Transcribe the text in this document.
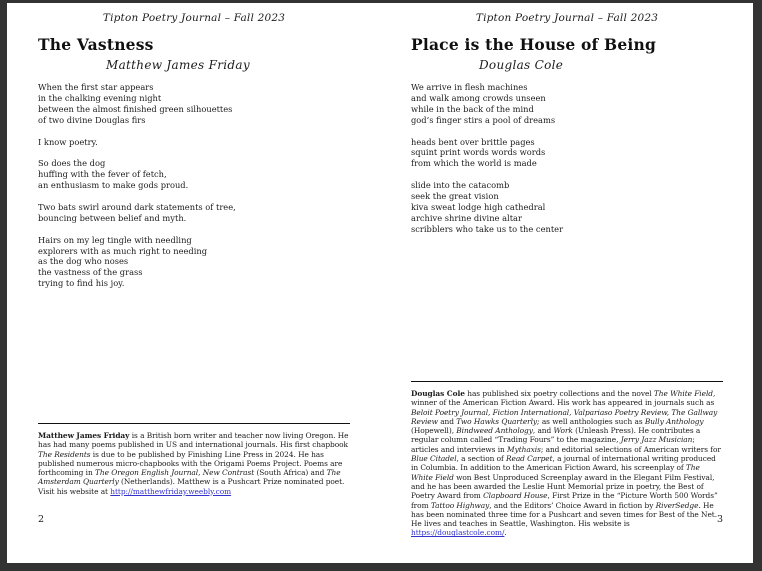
Tipton Poetry Journal – Fall 2023
The Vastness
Matthew James Friday
When the first star appears
in the chalking evening night
between the almost finished green silhouettes
of two divine Douglas firs
I know poetry.
So does the dog
huffing with the fever of fetch,
an enthusiasm to make gods proud.
Two bats swirl around dark statements of tree,
bouncing between belief and myth.
Hairs on my leg tingle with needling
explorers with as much right to needing
as the dog who noses
the vastness of the grass
trying to find his joy.

Matthew James Friday is a British born writer and teacher now living Oregon. He has had many poems published in US and international journals. His first chapbook The Residents is due to be published by Finishing Line Press in 2024. He has published numerous micro-chapbooks with the Origami Poems Project. Poems are forthcoming in The Oregon English Journal, New Contrast (South Africa) and The Amsterdam Quarterly (Netherlands). Matthew is a Pushcart Prize nominated poet. Visit his website at http://matthewfriday.weebly.com

2
Tipton Poetry Journal – Fall 2023
Place is the House of Being
Douglas Cole
We arrive in flesh machines
and walk among crowds unseen
while in the back of the mind
god’s finger stirs a pool of dreams
heads bent over brittle pages
squint print words words words
from which the world is made
slide into the catacomb
seek the great vision
kiva sweat lodge high cathedral
archive shrine divine altar
scribblers who take us to the center

Douglas Cole has published six poetry collections and the novel The White Field, winner of the American Fiction Award. His work has appeared in journals such as Beloit Poetry Journal, Fiction International, Valpariaso Poetry Review, The Gallway Review and Two Hawks Quarterly; as well anthologies such as Bully Anthology (Hopewell), Bindweed Anthology, and Work (Unleash Press). He contributes a regular column called “Trading Fours” to the magazine, Jerry Jazz Musician; articles and interviews in Mythaxis; and editorial selections of American writers for Blue Citadel, a section of Read Carpet, a journal of international writing produced in Columbia. In addition to the American Fiction Award, his screenplay of The White Field won Best Unproduced Screenplay award in the Elegant Film Festival, and he has been awarded the Leslie Hunt Memorial prize in poetry, the Best of Poetry Award from Clapboard House, First Prize in the “Picture Worth 500 Words” from Tattoo Highway, and the Editors’ Choice Award in fiction by RiverSedge. He has been nominated three time for a Pushcart and seven times for Best of the Net. He lives and teaches in Seattle, Washington. His website is https://douglastcole.com/.

3
